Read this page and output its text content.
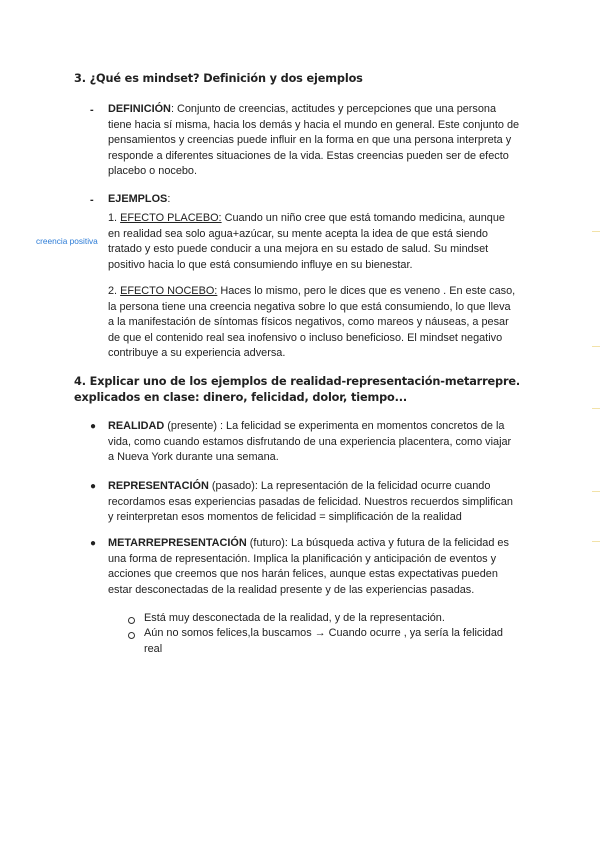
3. ¿Qué es mindset? Definición y dos ejemplos
- DEFINICIÓN: Conjunto de creencias, actitudes y percepciones que una persona
tiene hacia sí misma, hacia los demás y hacia el mundo en general. Este conjunto de
pensamientos y creencias puede influir en la forma en que una persona interpreta y
responde a diferentes situaciones de la vida. Estas creencias pueden ser de efecto
placebo o nocebo.
- EJEMPLOS:
creencia positiva
1. EFECTO PLACEBO: Cuando un niño cree que está tomando medicina, aunque
en realidad sea solo agua+azúcar, su mente acepta la idea de que está siendo
tratado y esto puede conducir a una mejora en su estado de salud. Su mindset
positivo hacia lo que está consumiendo influye en su bienestar.
2. EFECTO NOCEBO: Haces lo mismo, pero le dices que es veneno . En este caso,
la persona tiene una creencia negativa sobre lo que está consumiendo, lo que lleva
a la manifestación de síntomas físicos negativos, como mareos y náuseas, a pesar
de que el contenido real sea inofensivo o incluso beneficioso. El mindset negativo
contribuye a su experiencia adversa.
4. Explicar uno de los ejemplos de realidad-representación-metarrepre.
explicados en clase: dinero, felicidad, dolor, tiempo...
● REALIDAD (presente) : La felicidad se experimenta en momentos concretos de la
vida, como cuando estamos disfrutando de una experiencia placentera, como viajar
a Nueva York durante una semana.
● REPRESENTACIÓN (pasado): La representación de la felicidad ocurre cuando
recordamos esas experiencias pasadas de felicidad. Nuestros recuerdos simplifican
y reinterpretan esos momentos de felicidad = simplificación de la realidad
● METARREPRESENTACIÓN (futuro): La búsqueda activa y futura de la felicidad es
una forma de representación. Implica la planificación y anticipación de eventos y
acciones que creemos que nos harán felices, aunque estas expectativas pueden
estar desconectadas de la realidad presente y de las experiencias pasadas.
Está muy desconectada de la realidad, y de la representación.
Aún no somos felices,la buscamos → Cuando ocurre , ya sería la felicidad
real
